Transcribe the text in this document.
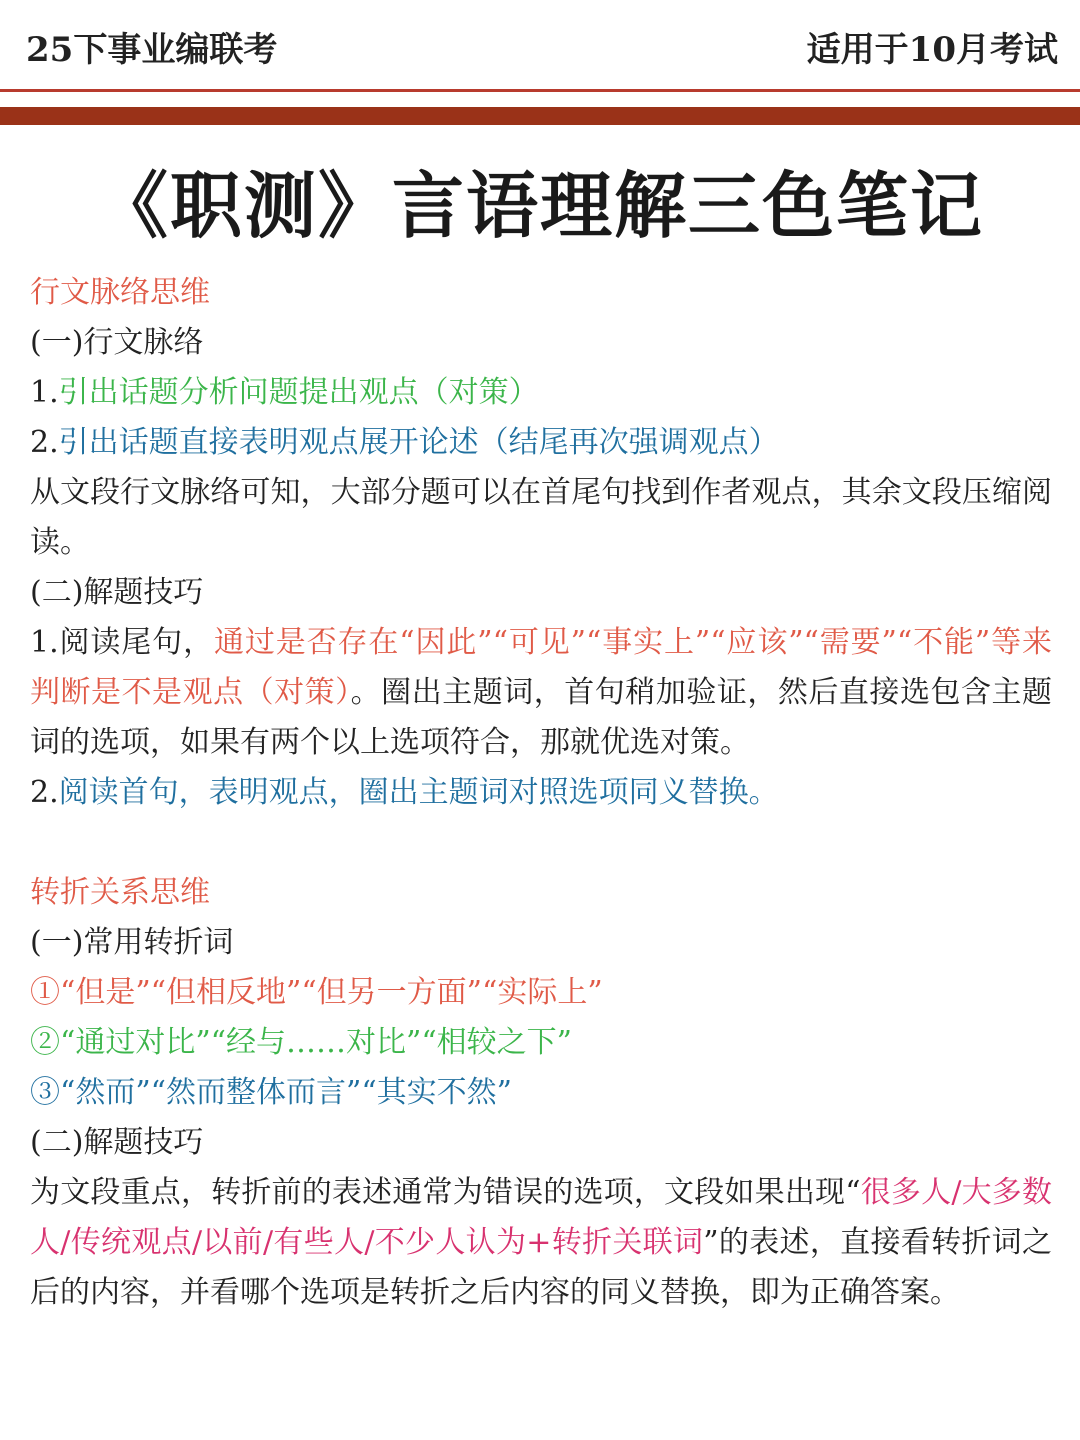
25下事业编联考	适用于10月考试
《职测》言语理解三色笔记

行文脉络思维

(一)行文脉络

1.引出话题分析问题提出观点（对策）

2.引出话题直接表明观点展开论述（结尾再次强调观点）

从文段行文脉络可知，大部分题可以在首尾句找到作者观点，其余文段压缩阅读。

(二)解题技巧

1.阅读尾句，通过是否存在“因此”“可见”“事实上”“应该”“需要”“不能”等来判断是不是观点（对策）。圈出主题词，首句稍加验证，然后直接选包含主题词的选项，如果有两个以上选项符合，那就优选对策。

2.阅读首句，表明观点，圈出主题词对照选项同义替换。

转折关系思维

(一)常用转折词

①“但是”“但相反地”“但另一方面”“实际上”

②“通过对比”“经与……对比”“相较之下”

③“然而”“然而整体而言”“其实不然”

(二)解题技巧

为文段重点，转折前的表述通常为错误的选项，文段如果出现“很多人/大多数人/传统观点/以前/有些人/不少人认为+转折关联词”的表述，直接看转折词之后的内容，并看哪个选项是转折之后内容的同义替换，即为正确答案。
